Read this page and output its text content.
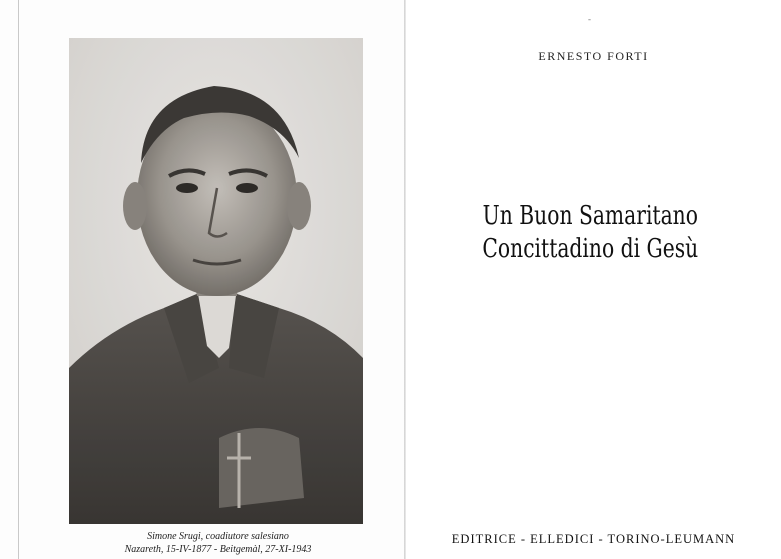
Simone Srugi, coadiutore salesiano
Nazareth, 15-IV-1877 - Beitgemàl, 27-XI-1943
-
ERNESTO FORTI
Un Buon Samaritano
Concittadino di Gesù
EDITRICE - ELLEDICI - TORINO-LEUMANN
